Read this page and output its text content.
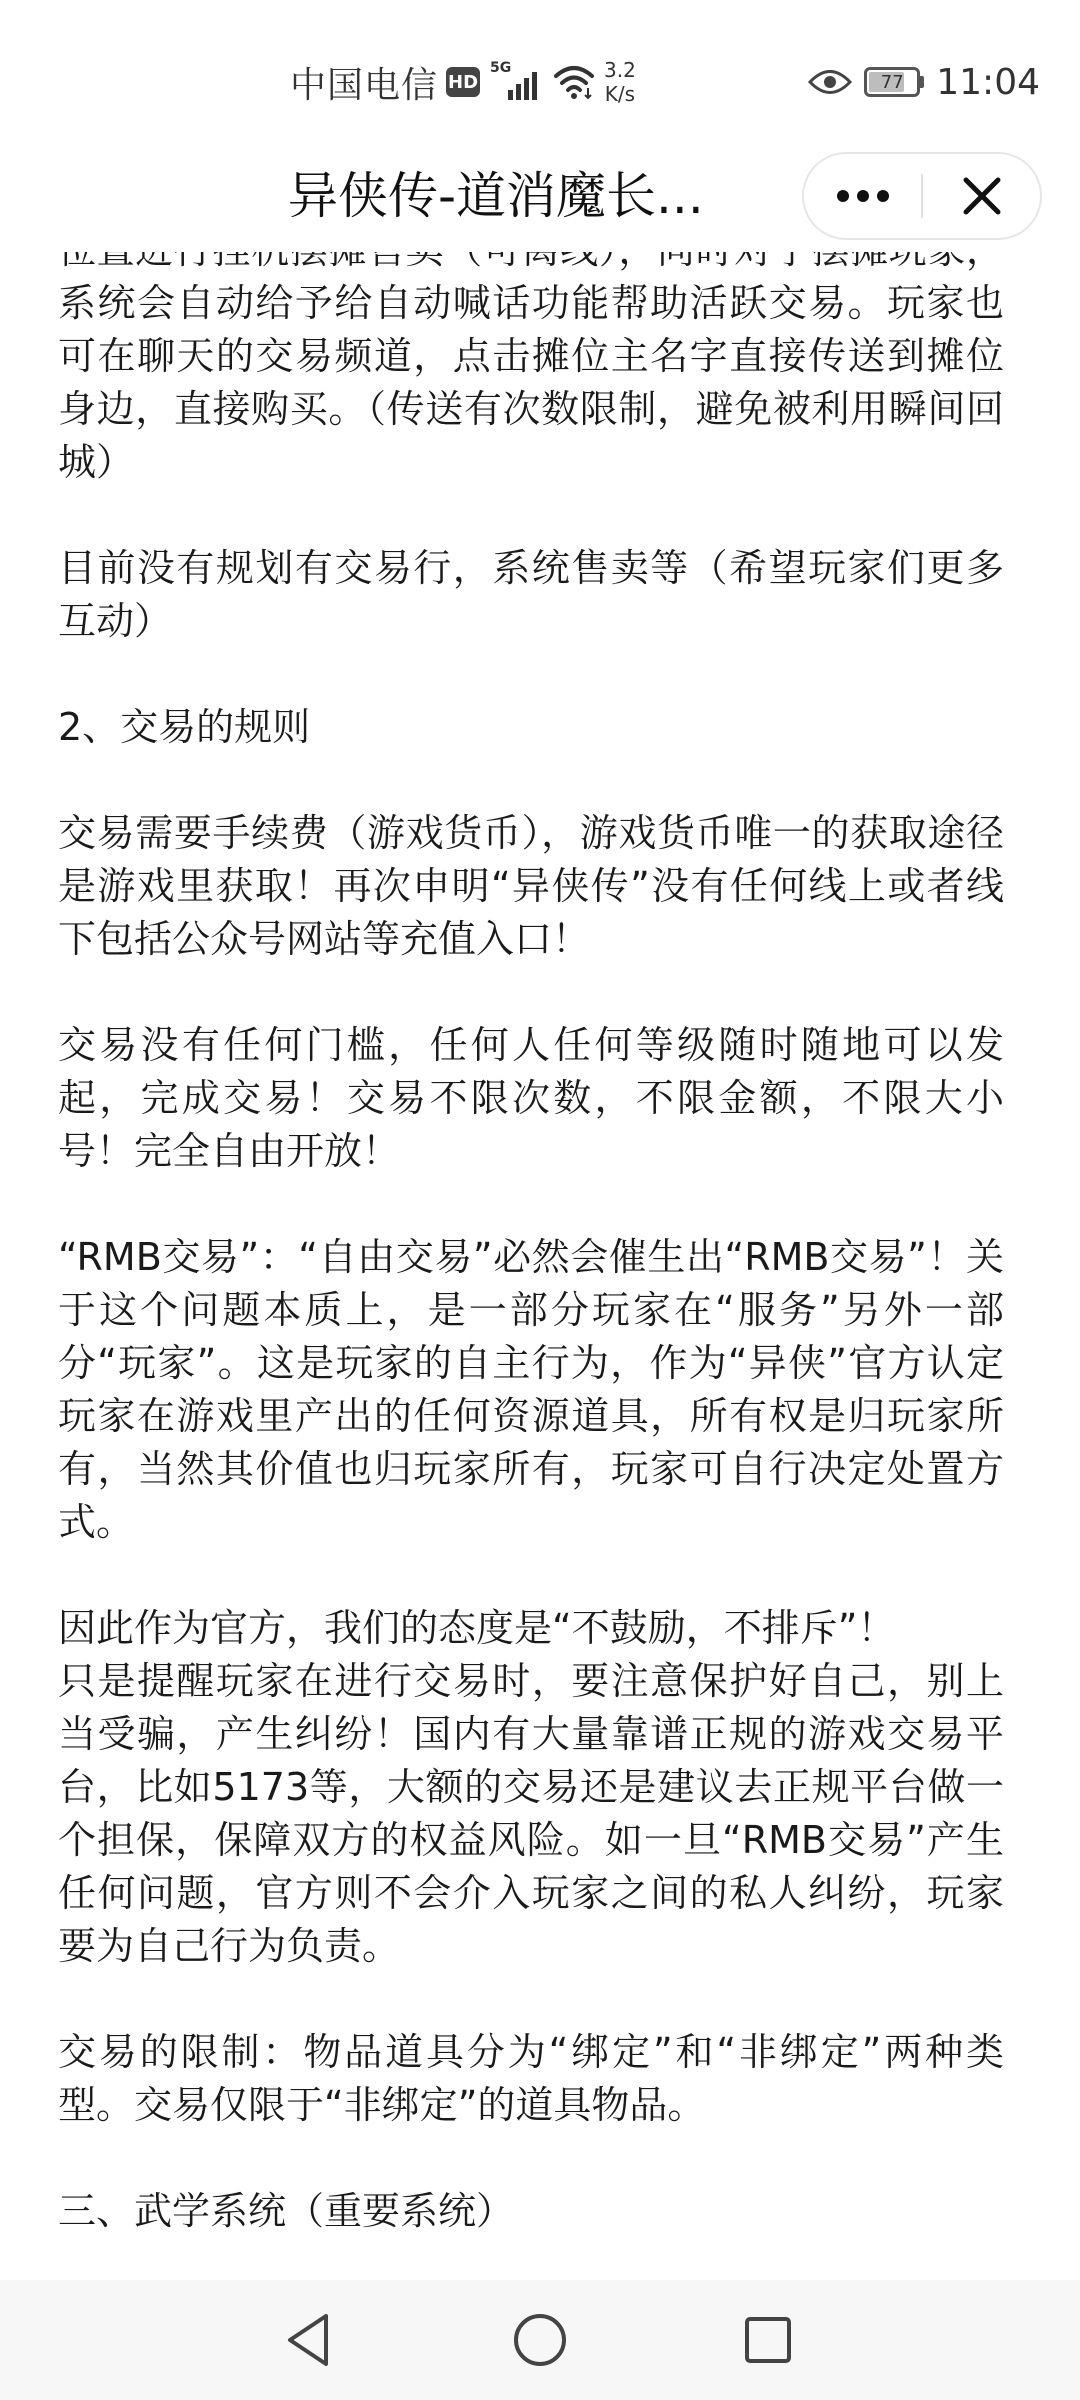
中国电信 HD
5G	3.2
K/s	77 11:04
异侠传-道消魔长...

系统会自动给予给自动喊话功能帮助活跃交易。玩家也可在聊天的交易频道，点击摊位主名字直接传送到摊位身边，直接购买。（传送有次数限制，避免被利用瞬间回城）

目前没有规划有交易行，系统售卖等（希望玩家们更多互动）

2、交易的规则

交易需要手续费（游戏货币），游戏货币唯一的获取途径是游戏里获取！再次申明“异侠传”没有任何线上或者线下包括公众号网站等充值入口！

交易没有任何门槛，任何人任何等级随时随地可以发起，完成交易！交易不限次数，不限金额，不限大小号！完全自由开放！

“RMB交易”：“自由交易”必然会催生出“RMB交易”！关于这个问题本质上，是一部分玩家在“服务”另外一部分“玩家”。这是玩家的自主行为，作为“异侠”官方认定玩家在游戏里产出的任何资源道具，所有权是归玩家所有，当然其价值也归玩家所有，玩家可自行决定处置方式。

因此作为官方，我们的态度是“不鼓励，不排斥”！
只是提醒玩家在进行交易时，要注意保护好自己，别上当受骗，产生纠纷！国内有大量靠谱正规的游戏交易平台，比如5173等，大额的交易还是建议去正规平台做一个担保，保障双方的权益风险。如一旦“RMB交易”产生任何问题，官方则不会介入玩家之间的私人纠纷，玩家要为自己行为负责。

交易的限制：物品道具分为“绑定”和“非绑定”两种类型。交易仅限于“非绑定”的道具物品。

三、武学系统（重要系统）
